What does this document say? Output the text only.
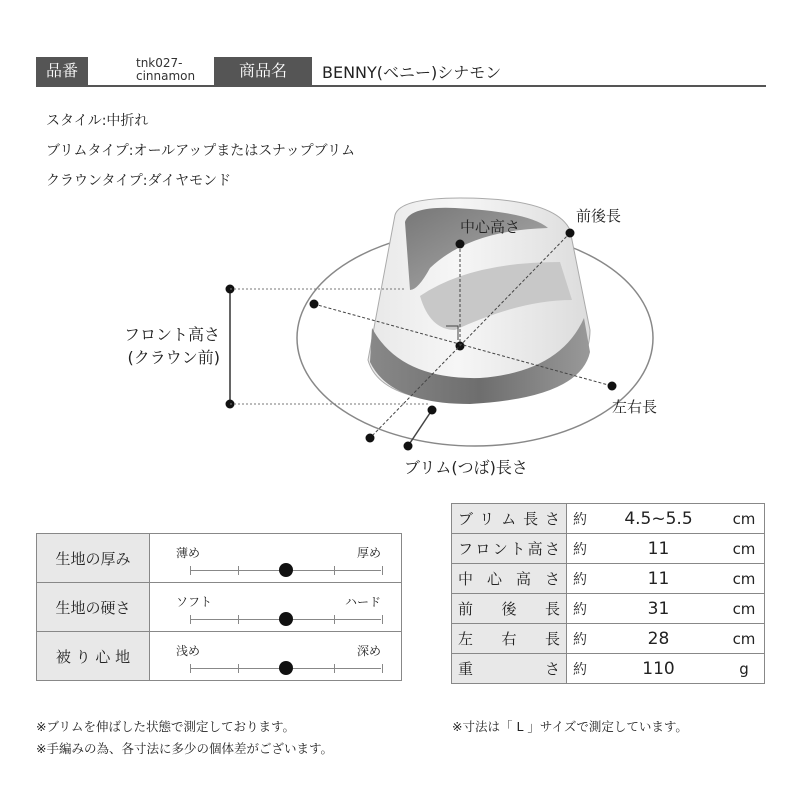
品番	tnk027-
cinnamon	商品名	BENNY(ベニー)シナモン
スタイル:中折れ
ブリムタイプ:オールアップまたはスナップブリム
クラウンタイプ:ダイヤモンド
中心高さ
前後長
左右長
フロント高さ
(クラウン前)
ブリム(つば)長さ
生地の厚み	薄め 厚め

生地の硬さ	ソフト ハード

被 り 心 地	浅め 深め
ブリム長さ	約	4.5~5.5	cm
フロント高さ	約	11	cm
中心高さ	約	11	cm
前後長	約	31	cm
左右長	約	28	cm
重さ	約	110	g
※ブリムを伸ばした状態で測定しております。
※手編みの為、各寸法に多少の個体差がございます。
※寸法は「 L 」サイズで測定しています。
